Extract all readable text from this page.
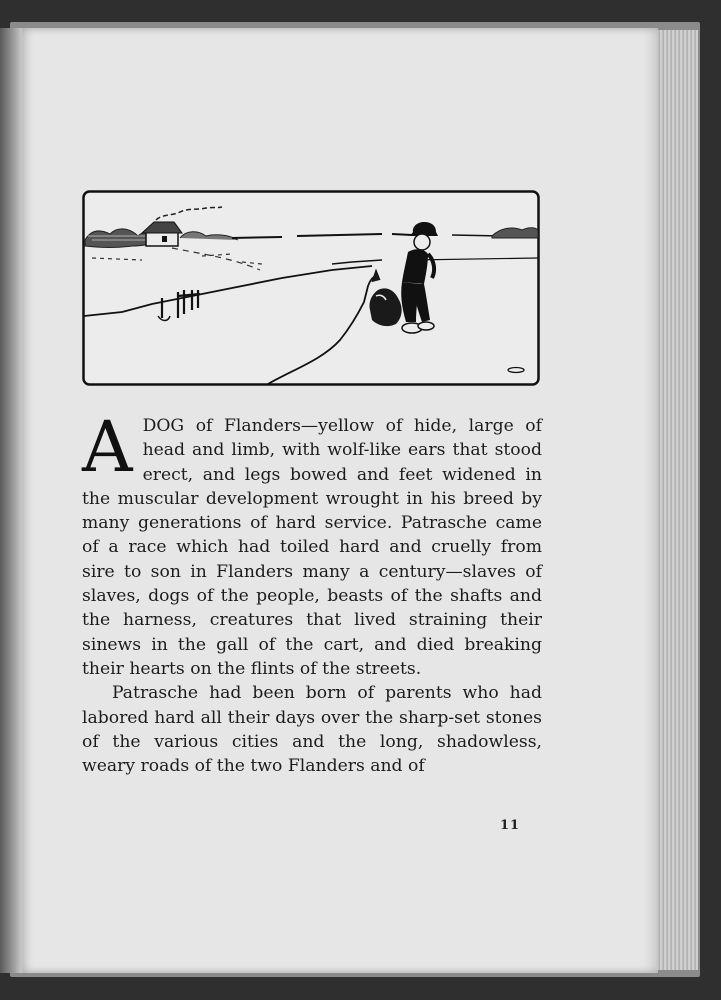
A DOG of Flanders—yellow of hide, large of head and limb, with wolf-like ears that stood erect, and legs bowed and feet widened in the muscular development wrought in his breed by many generations of hard service. Patrasche came of a race which had toiled hard and cruelly from sire to son in Flanders many a century—slaves of slaves, dogs of the people, beasts of the shafts and the harness, creatures that lived straining their sinews in the gall of the cart, and died breaking their hearts on the flints of the streets.

Patrasche had been born of parents who had labored hard all their days over the sharp-set stones of the various cities and the long, shadowless, weary roads of the two Flanders and of

11
